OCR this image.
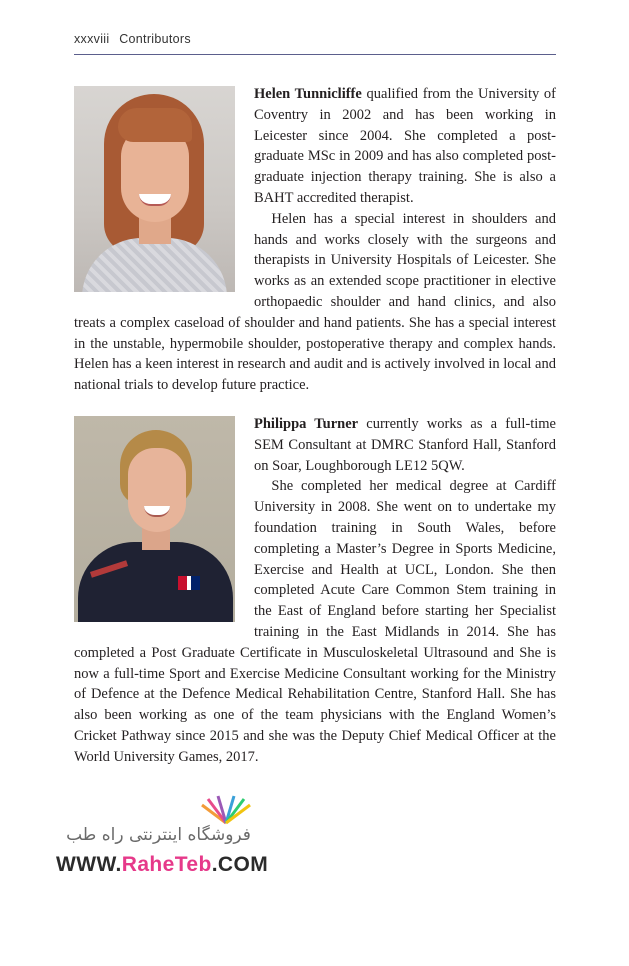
xxxviii Contributors

Helen Tunnicliffe qualified from the University of Coventry in 2002 and has been working in Leicester since 2004. She completed a post-graduate MSc in 2009 and has also completed post-graduate injection therapy training. She is also a BAHT accredited therapist.

Helen has a special interest in shoulders and hands and works closely with the surgeons and therapists in University Hospitals of Leicester. She works as an extended scope practitioner in elective orthopaedic shoulder and hand clinics, and also treats a complex caseload of shoulder and hand patients. She has a special interest in the unstable, hypermobile shoulder, postoperative therapy and complex hands. Helen has a keen interest in research and audit and is actively involved in local and national trials to develop future practice.

Philippa Turner currently works as a full-time SEM Consultant at DMRC Stanford Hall, Stanford on Soar, Loughborough LE12 5QW.

She completed her medical degree at Cardiff University in 2008. She went on to undertake my foundation training in South Wales, before completing a Master’s Degree in Sports Medicine, Exercise and Health at UCL, London. She then completed Acute Care Common Stem training in the East of England before starting her Specialist training in the East Midlands in 2014. She has completed a Post Graduate Certificate in Musculoskeletal Ultrasound and She is now a full-time Sport and Exercise Medicine Consultant working for the Ministry of Defence at the Defence Medical Rehabilitation Centre, Stanford Hall. She has also been working as one of the team physicians with the England Women’s Cricket Pathway since 2015 and she was the Deputy Chief Medical Officer at the World University Games, 2017.

فروشگاه اینترنتی راه طب
WWW.RaheTeb.COM
